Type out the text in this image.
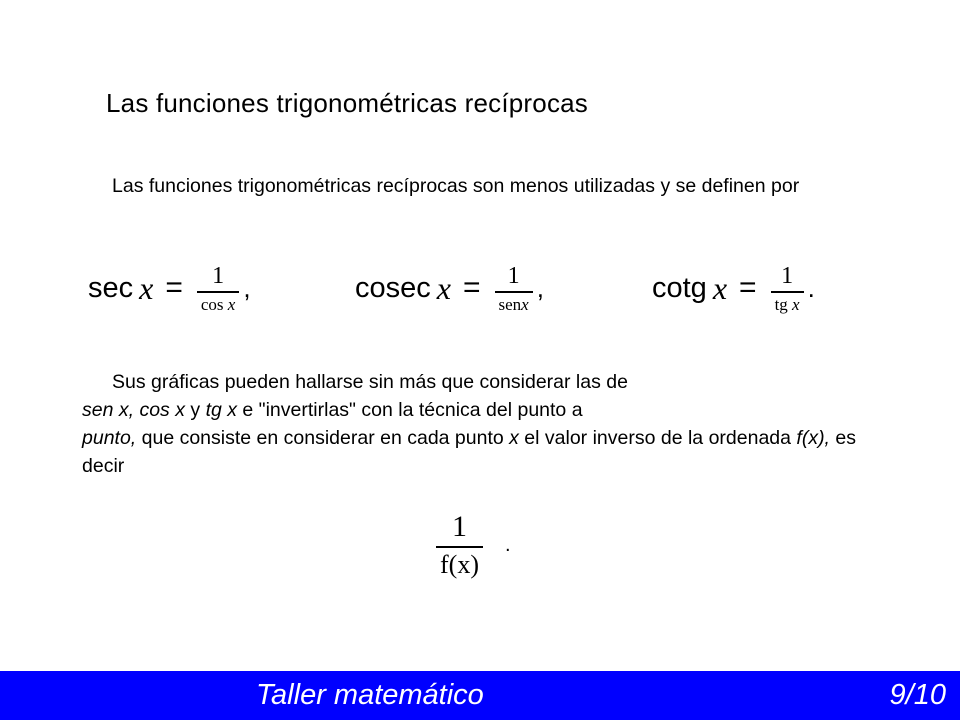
Las funciones trigonométricas recíprocas
Las funciones trigonométricas recíprocas son menos utilizadas y se definen por
$\sec x = \frac{1}{\text{cos x}}$ ,	cosec $x = \frac{1}{\text{senx}}$ ,	cotg $x = \frac{1}{\text{tg x}}$ .
Sus gráficas pueden hallarse sin más que considerar las de
sen x, cos x y tg x e "invertirlas" con la técnica del punto a
punto, que consiste en considerar en cada punto x el valor inverso de la ordenada f(x), es decir
$\frac{1}{f(x)}$ .
Taller matemático	9/10
